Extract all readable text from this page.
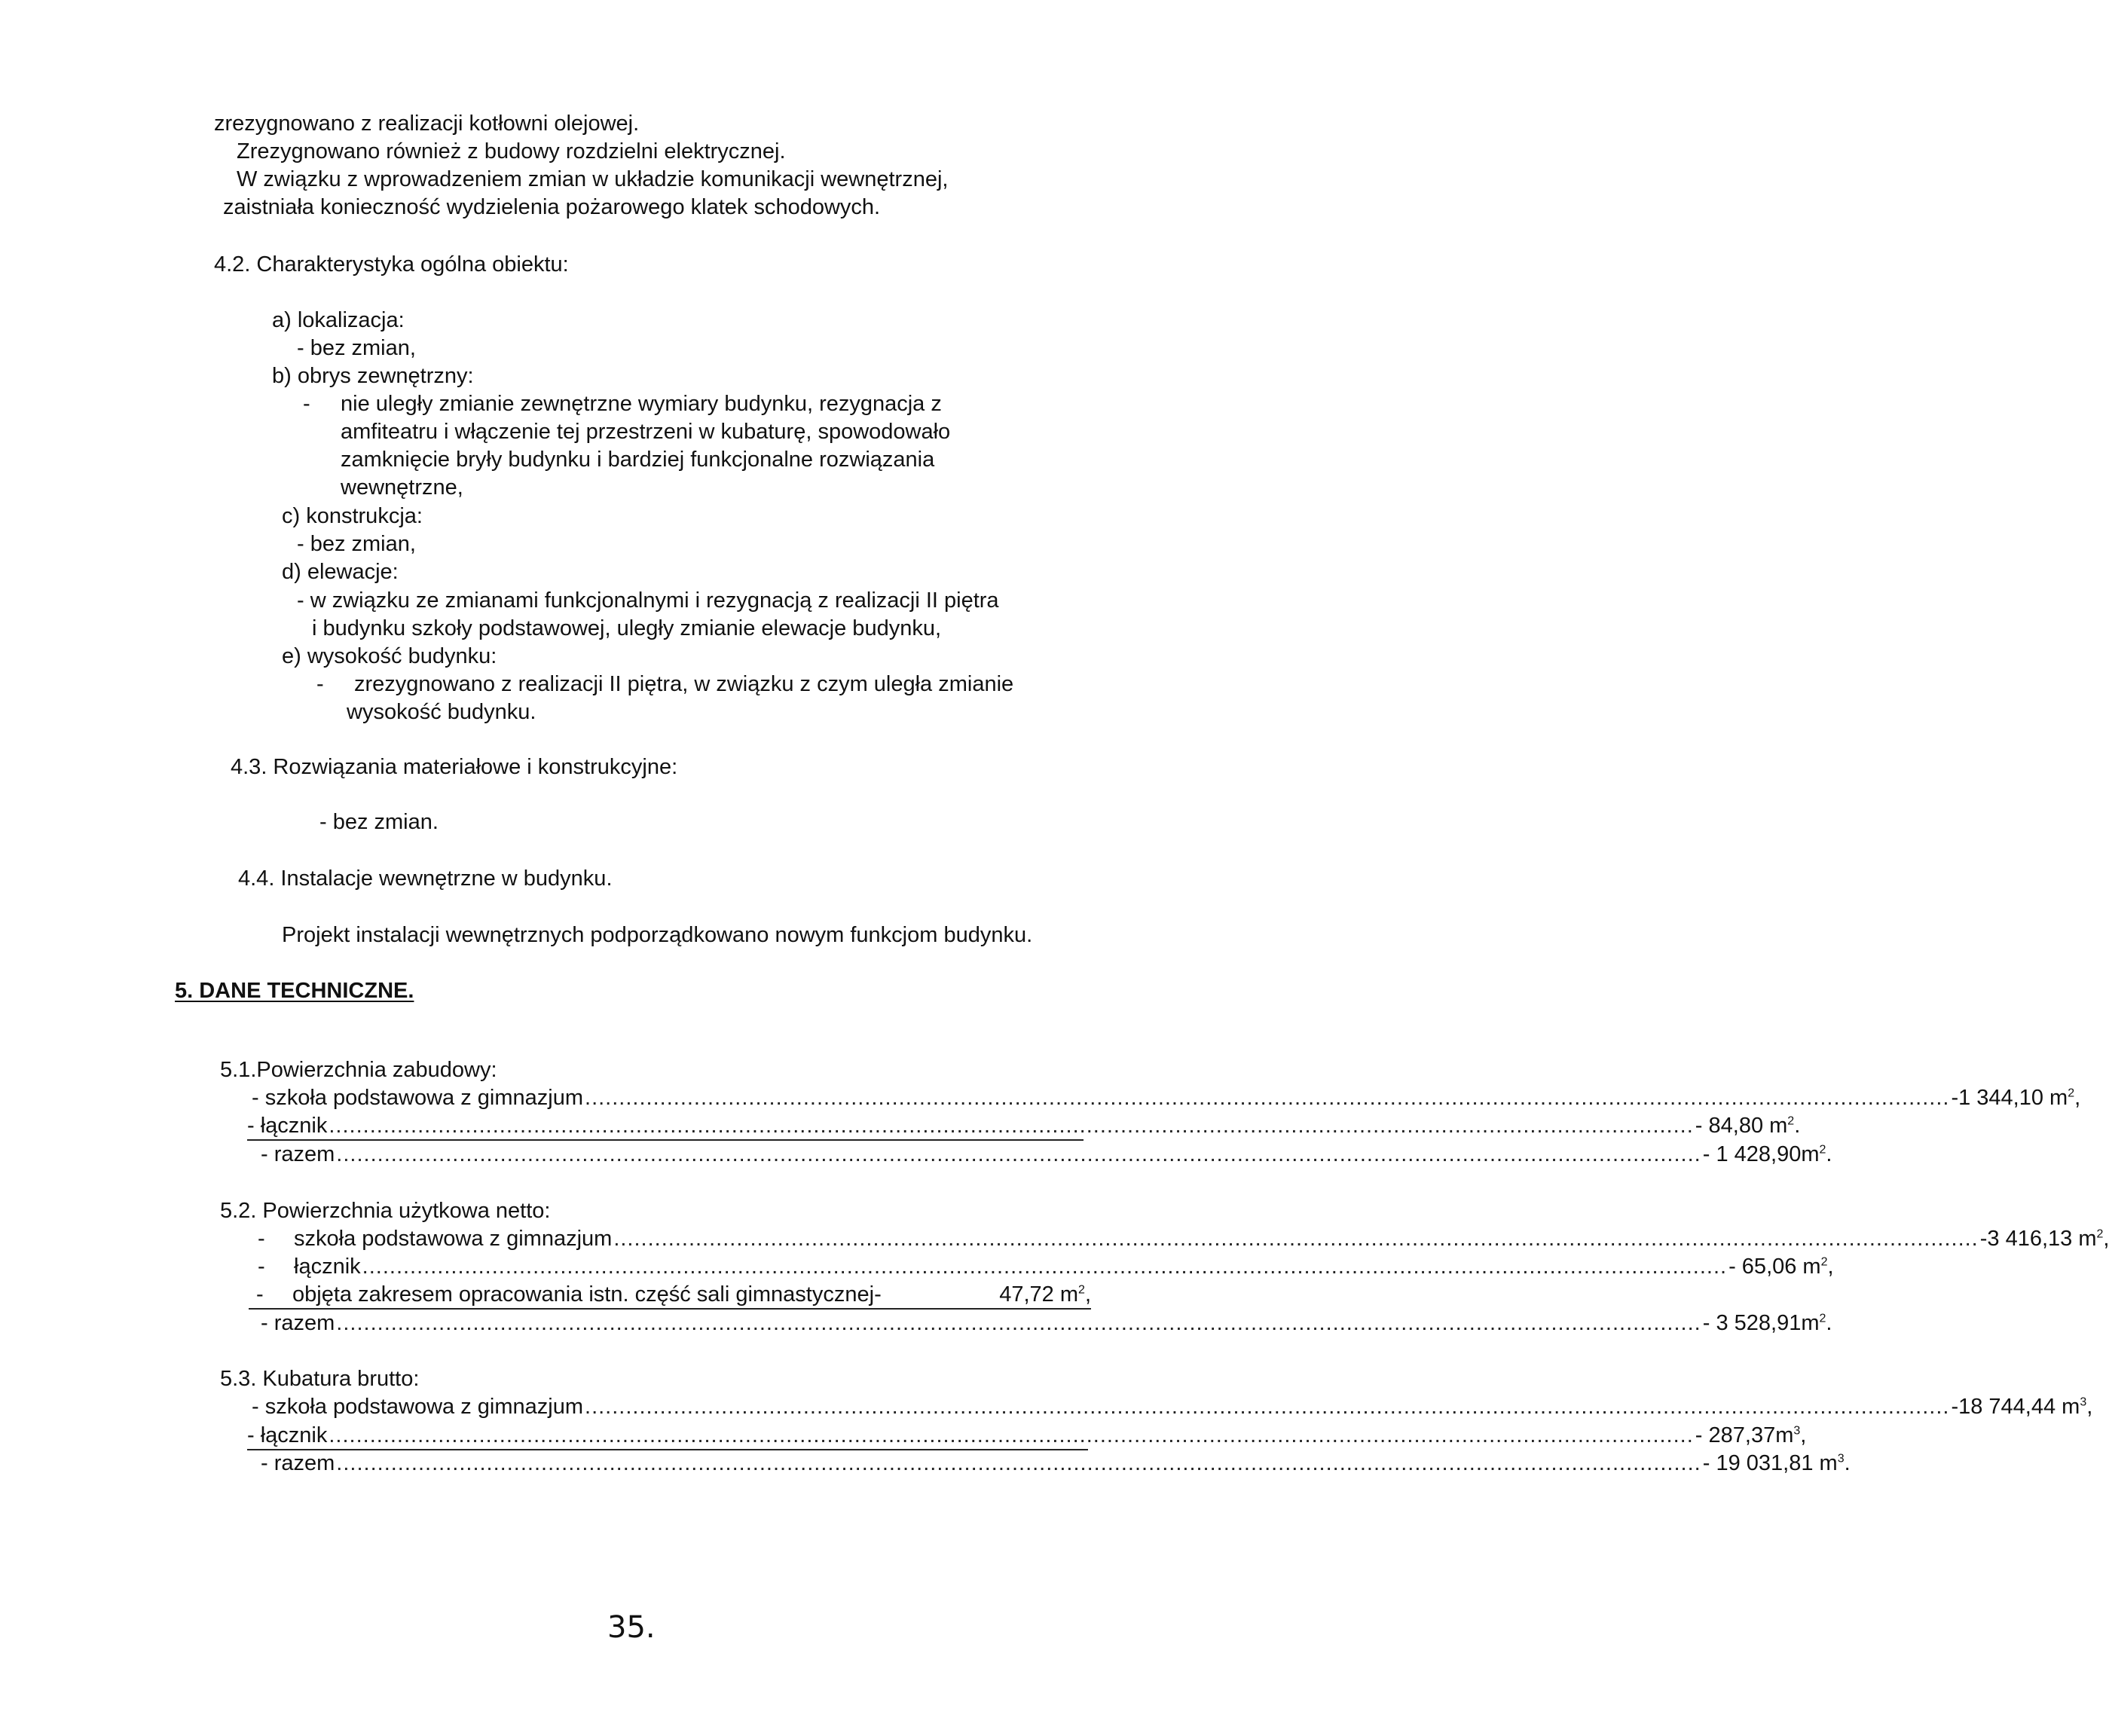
zrezygnowano z realizacji kotłowni olejowej.
Zrezygnowano również z budowy rozdzielni elektrycznej.
W związku z wprowadzeniem zmian w układzie komunikacji wewnętrznej,
zaistniała konieczność wydzielenia pożarowego klatek schodowych.
4.2. Charakterystyka ogólna obiektu:
a) lokalizacja:
- bez zmian,
b) obrys zewnętrzny:
- nie uległy zmianie zewnętrzne wymiary budynku, rezygnacja z
amfiteatru i włączenie tej przestrzeni w kubaturę, spowodowało
zamknięcie bryły budynku i bardziej funkcjonalne rozwiązania
wewnętrzne,
c) konstrukcja:
- bez zmian,
d) elewacje:
- w związku ze zmianami funkcjonalnymi i rezygnacją z realizacji II piętra
i budynku szkoły podstawowej, uległy zmianie elewacje budynku,
e) wysokość budynku:
- zrezygnowano z realizacji II piętra, w związku z czym uległa zmianie
wysokość budynku.
4.3. Rozwiązania materiałowe i konstrukcyjne:
- bez zmian.
4.4. Instalacje wewnętrzne w budynku.
Projekt instalacji wewnętrznych podporządkowano nowym funkcjom budynku.
5. DANE TECHNICZNE.
5.1.Powierzchnia zabudowy:
- szkoła podstawowa z gimnazjum ........................................................................................................................................................................................................ -1 344,10 $m^2$,
- łącznik ........................................................................................................................................................................................................ - 84,80 $m^2$.
- razem ........................................................................................................................................................................................................ - 1 $428,90m^2$.
5.2. Powierzchnia użytkowa netto:
-	szkoła podstawowa z gimnazjum ........................................................................................................................................................................................................ -3 416,13 $m^2$,
-	łącznik ........................................................................................................................................................................................................ - 65,06 $m^2$,
-	objęta zakresem opracowania istn. część sali gimnastycznej-	47,72 $m^2$,
- razem ........................................................................................................................................................................................................ - 3 $528,91m^2$.
5.3. Kubatura brutto:
- szkoła podstawowa z gimnazjum ........................................................................................................................................................................................................ -18 744,44 $m^3$,
- łącznik ........................................................................................................................................................................................................ - $287,37m^3$,
- razem ........................................................................................................................................................................................................ - 19 031,81 $m^3$.
35.
